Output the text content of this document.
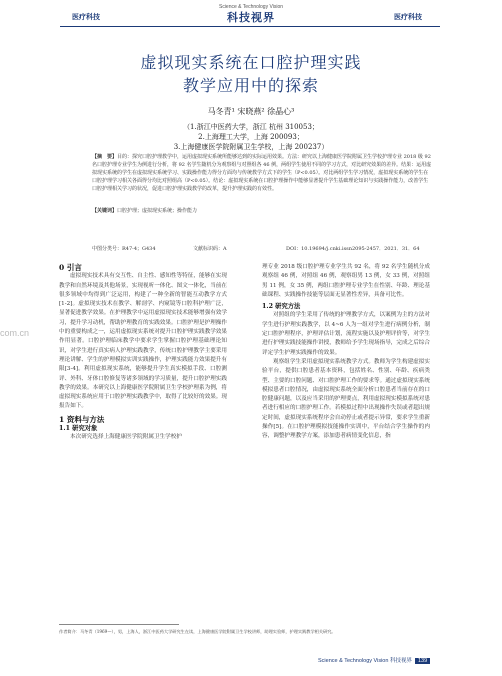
Science & Technology Vision
医疗科技	科技视界	医疗科技
虚拟现实系统在口腔护理实践
教学应用中的探索
马冬青¹ 宋晓燕² 徐晶心³
（1.浙江中医药大学，浙江 杭州 310053；
2.上海理工大学，上海 200093；
3.上海健康医学院附属卫生学校，上海 200237）
【摘　要】目的：探究口腔护理教学中，运用虚拟现实系统所能够达到的实际运用效果。方法：研究以上海健康医学院附属卫生学校护理专业 2018 级 92 名口腔护理专业学生为例进行分析，将 92 名学生随机分为观察组与对照组各 46 例，两组学生使用不同的学习方式，对比研究效果的差异。结果：运用虚拟现实系统的学生在虚拟现实系统学习、实践操作能力得分方面均与传统教学方式下的学生（P<0.05）。对比两组学生学习情况，虚拟现实系统的学生在口腔护理学习相关各面得分均比对照组高（P<0.05）。结论：虚拟现实系统在口腔护理操作中能够显著提升学生基础理论知识与实践操作能力，改善学生口腔护理相关学习的状况，促进口腔护理实践教学的改革，提升护理实践的有效性。
【关键词】口腔护理；虚拟现实系统；操作能力
中图分类号：R47-4；G434	文献标识码：A	DOI：10.19694/j.cnki.issn2095-2457．2021．31．64
com.cn
0 引言
虚拟现实技术具有交互性、自主性、感知性等特征，能够在实现教学和自然环境及其他场景，实现视听一体化、图文一体化，当前在很多领域中均得到广泛运用，构建了一种全新的智能互动教学方式[1-2]。虚拟现实技术在教学、解剖学、内窥镜等口腔科护理广泛，显著促进教学效果。在护理教学中运用虚拟现实技术能够增强有效学习，提升学习动机，帮助护理教育的实践效果。口腔护理是护理操作中的重要构成之一，运用虚拟现实系统对提升口腔护理实践教学效果作用显著。口腔护理临床教学中要求学生掌握口腔护理基础理论知识，对学生进行真实病人护理实践教学，传统口腔护理教学主要采用理论讲解、学生的护理模拟实训实践操作，护理实践能力效果提升有限[3-4]。利用虚拟现实系统，能够提升学生真实模拟手段、口腔测评、外科、牙体口腔修复等诸多领域的学习质量，提升口腔护理实践教学的效果。本研究以上海健康医学院附属卫生学校护理系为例，将虚拟现实系统应用于口腔护理实践教学中，取得了比较好的效果。现报告如下。
1 资料与方法
1.1 研究对象
本次研究选择上海健康医学院附属卫生学校护
理专业 2018 级口腔护理专业学生共 92 名，将 92 名学生随机分成观察组 46 例，对照组 46 例，观察组男 13 例，女 33 例，对照组男 11 例，女 35 例，两组口腔护理专业学生在性别、年龄、理论基础课程、实践操作技能等层面无显著性差异，具备可比性。
1.2 研究方法
对照组的学生采用了传统的护理教学方式，以案例为主的方法对学生进行护理实践教学，以 4~6 人为一组对学生进行病例分析，制定口腔护理程序，护理评估计划，流程实施以及护理评价等，对学生进行护理实践技能操作讲授，教师给予学生现场指导，完成之后综合评定学生护理实践操作的效果。
观察组学生采用虚拟现实系统教学方式。教师为学生构建虚拟实验平台，提供口腔患者基本资料，包括姓名、性别、年龄、疾病类型、主要的口腔问题、对口腔护理工作的要求等。通过虚拟现实系统模拟患者口腔情况，由虚拟现实系统全面分析口腔患者当前存在的口腔健康问题，以及应当采用的护理要点，利用虚拟现实模拟系统对患者进行相应的口腔护理工作。若模拟过程中出现操作失误或者超出规定时间，虚拟现实系统程序会自动停止或者提示异常，要求学生重新操作[5]。在口腔护理模拟技能操作实训中，平台结合学生操作的内容，调整护理教学方案，添加患者病情变化信息，指
作者简介：马冬青（1969—），男，上海人，浙江中医药大学研究生在读，上海健康医学院附属卫生学校讲师，助理实验师，护理实践教学相关研究。
Science & Technology Vision 科技视界 139
